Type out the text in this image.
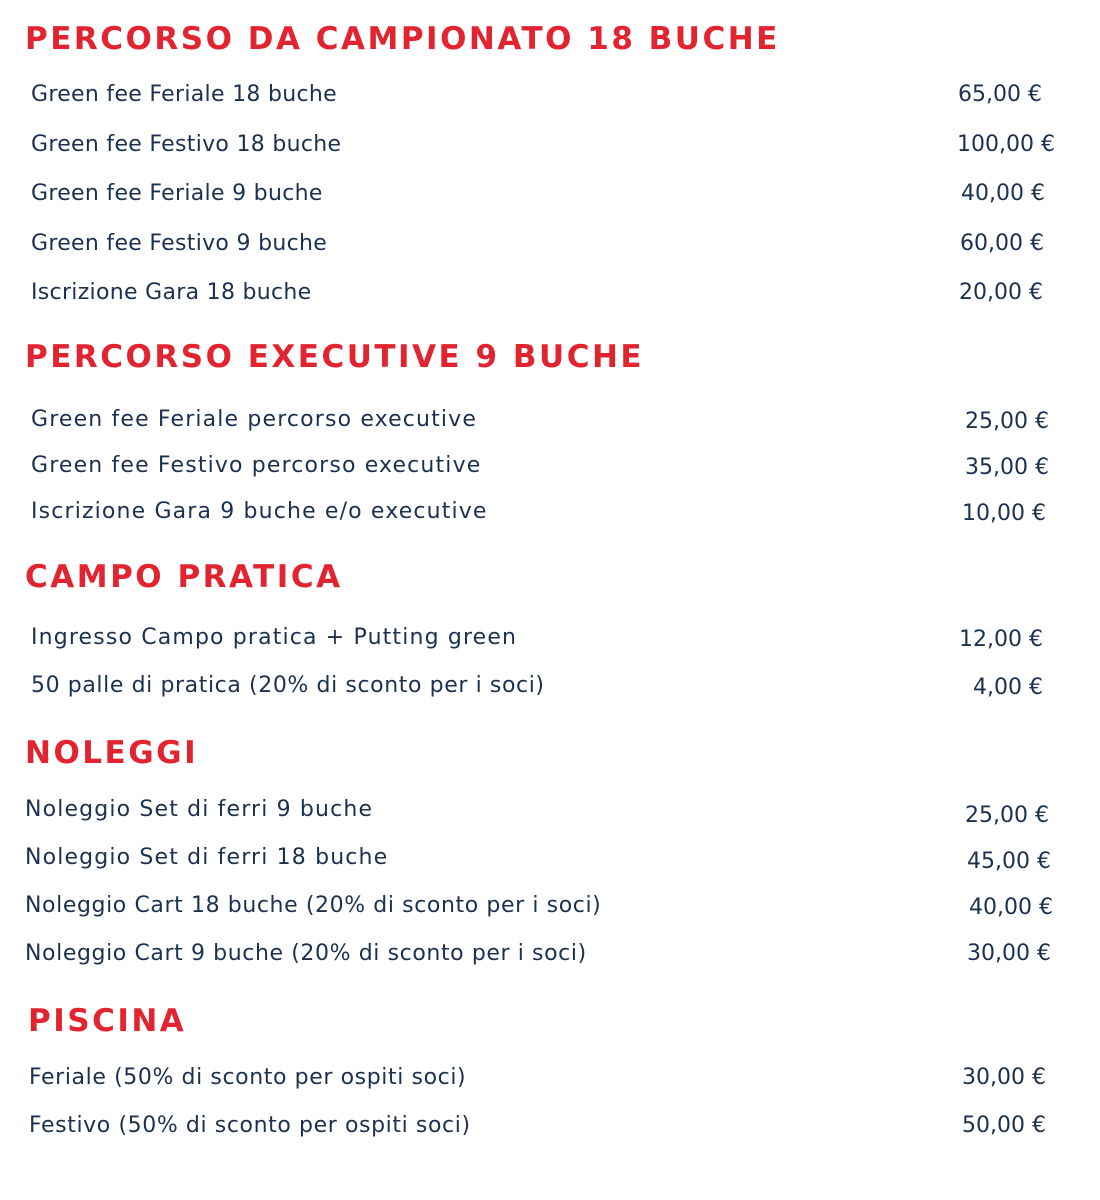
PERCORSO DA CAMPIONATO 18 BUCHE
Green fee Feriale 18 buche	65,00 €
Green fee Festivo 18 buche	100,00 €
Green fee Feriale 9 buche	40,00 €
Green fee Festivo 9 buche	60,00 €
Iscrizione Gara 18 buche	20,00 €
PERCORSO EXECUTIVE 9 BUCHE
Green fee Feriale percorso executive	25,00 €
Green fee Festivo percorso executive	35,00 €
Iscrizione Gara 9 buche e/o executive	10,00 €
CAMPO PRATICA
Ingresso Campo pratica + Putting green	12,00 €
50 palle di pratica (20% di sconto per i soci)	4,00 €
NOLEGGI
Noleggio Set di ferri 9 buche	25,00 €
Noleggio Set di ferri 18 buche	45,00 €
Noleggio Cart 18 buche (20% di sconto per i soci)	40,00 €
Noleggio Cart 9 buche (20% di sconto per i soci)	30,00 €
PISCINA
Feriale (50% di sconto per ospiti soci)	30,00 €
Festivo (50% di sconto per ospiti soci)	50,00 €
